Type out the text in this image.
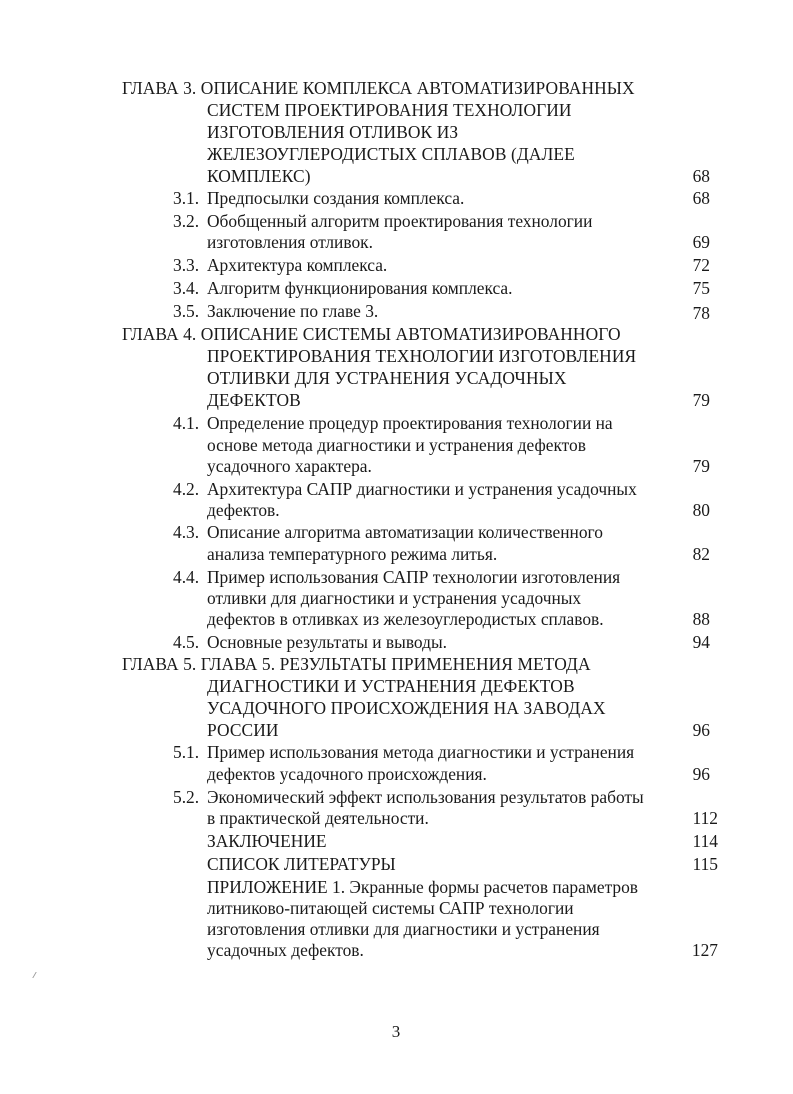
ГЛАВА 3. ОПИСАНИЕ КОМПЛЕКСА АВТОМАТИЗИРОВАННЫХ
СИСТЕМ ПРОЕКТИРОВАНИЯ ТЕХНОЛОГИИ
ИЗГОТОВЛЕНИЯ ОТЛИВОК ИЗ
ЖЕЛЕЗОУГЛЕРОДИСТЫХ СПЛАВОВ (ДАЛЕЕ
КОМПЛЕКС)	68
3.1. Предпосылки создания комплекса.	68
3.2. Обобщенный алгоритм проектирования технологии
изготовления отливок.	69
3.3. Архитектура комплекса.	72
3.4. Алгоритм функционирования комплекса.	75
3.5. Заключение по главе 3.	78
ГЛАВА 4. ОПИСАНИЕ СИСТЕМЫ АВТОМАТИЗИРОВАННОГО
ПРОЕКТИРОВАНИЯ ТЕХНОЛОГИИ ИЗГОТОВЛЕНИЯ
ОТЛИВКИ ДЛЯ УСТРАНЕНИЯ УСАДОЧНЫХ
ДЕФЕКТОВ	79
4.1. Определение процедур проектирования технологии на
основе метода диагностики и устранения дефектов
усадочного характера.	79
4.2. Архитектура САПР диагностики и устранения усадочных
дефектов.	80
4.3. Описание алгоритма автоматизации количественного
анализа температурного режима литья.	82
4.4. Пример использования САПР технологии изготовления
отливки для диагностики и устранения усадочных
дефектов в отливках из железоуглеродистых сплавов.	88
4.5. Основные результаты и выводы.	94
ГЛАВА 5. ГЛАВА 5. РЕЗУЛЬТАТЫ ПРИМЕНЕНИЯ МЕТОДА
ДИАГНОСТИКИ И УСТРАНЕНИЯ ДЕФЕКТОВ
УСАДОЧНОГО ПРОИСХОЖДЕНИЯ НА ЗАВОДАХ
РОССИИ	96
5.1. Пример использования метода диагностики и устранения
дефектов усадочного происхождения.	96
5.2. Экономический эффект использования результатов работы
в практической деятельности.	112
ЗАКЛЮЧЕНИЕ	114
СПИСОК ЛИТЕРАТУРЫ	115
ПРИЛОЖЕНИЕ 1. Экранные формы расчетов параметров
литниково-питающей системы САПР технологии
изготовления отливки для диагностики и устранения
усадочных дефектов.	127
3
